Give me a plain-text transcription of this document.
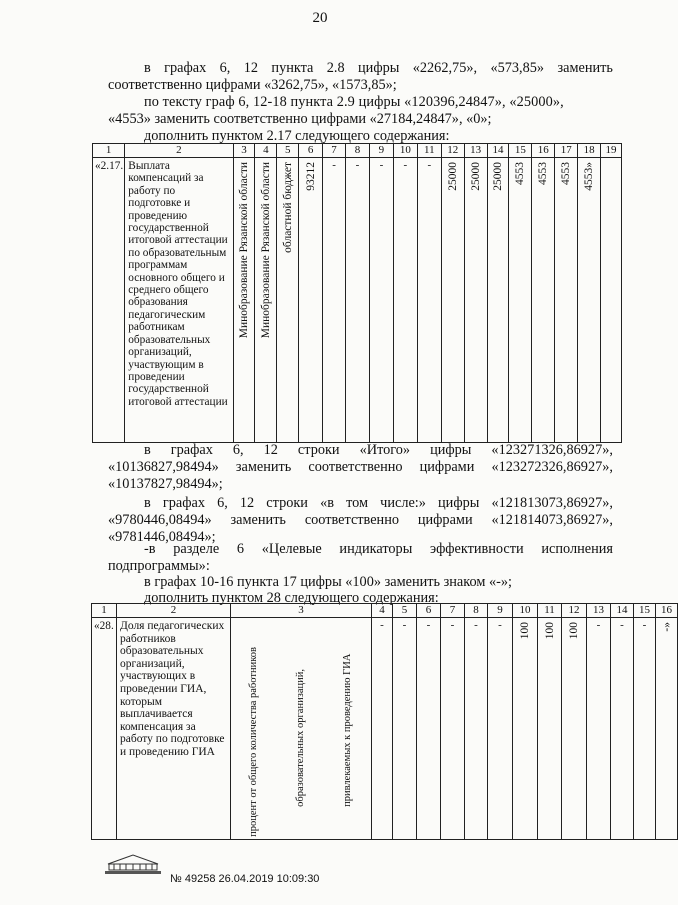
20
в графах 6, 12 пункта 2.8 цифры «2262,75», «573,85» заменить
соответственно цифрами «3262,75», «1573,85»;
по тексту граф 6, 12-18 пункта 2.9 цифры «120396,24847», «25000»,
«4553» заменить соответственно цифрами «27184,24847», «0»;
дополнить пунктом 2.17 следующего содержания:
1	2	3	4	5	6	7	8	9	10	11	12	13	14	15	16	17	18	19
«2.17.	Выплата компенсаций за работу по подготовке и проведению государственной итоговой аттестации по образовательным программам основного общего и среднего общего образования педагогическим работникам образовательных организаций, участвующим в проведении государственной итоговой аттестации	Минобразование Рязанской области	Минобразование Рязанской области	областной бюджет	93212	-	-	-	-	-	25000	25000	25000	4553	4553	4553	4553»	

в графах 6, 12 строки «Итого» цифры «123271326,86927»,
«10136827,98494» заменить соответственно цифрами «123272326,86927»,
«10137827,98494»;
в графах 6, 12 строки «в том числе:» цифры «121813073,86927»,
«9780446,08494» заменить соответственно цифрами «121814073,86927»,
«9781446,08494»;
-в разделе 6 «Целевые индикаторы эффективности исполнения
подпрограммы»:
в графах 10-16 пункта 17 цифры «100» заменить знаком «-»;
дополнить пунктом 28 следующего содержания:
1	2	3	4	5	6	7	8	9	10	11	12	13	14	15	16
«28.	Доля педагогических работников образовательных организаций, участвующих в проведении ГИА, которым выплачивается компенсация за работу по подготовке и проведению ГИА	процент от общего количества работников образовательных организаций, привлекаемых к проведению ГИА	-	-	-	-	-	-	100	100	100	-	-	-	-»
№ 49258 26.04.2019 10:09:30
